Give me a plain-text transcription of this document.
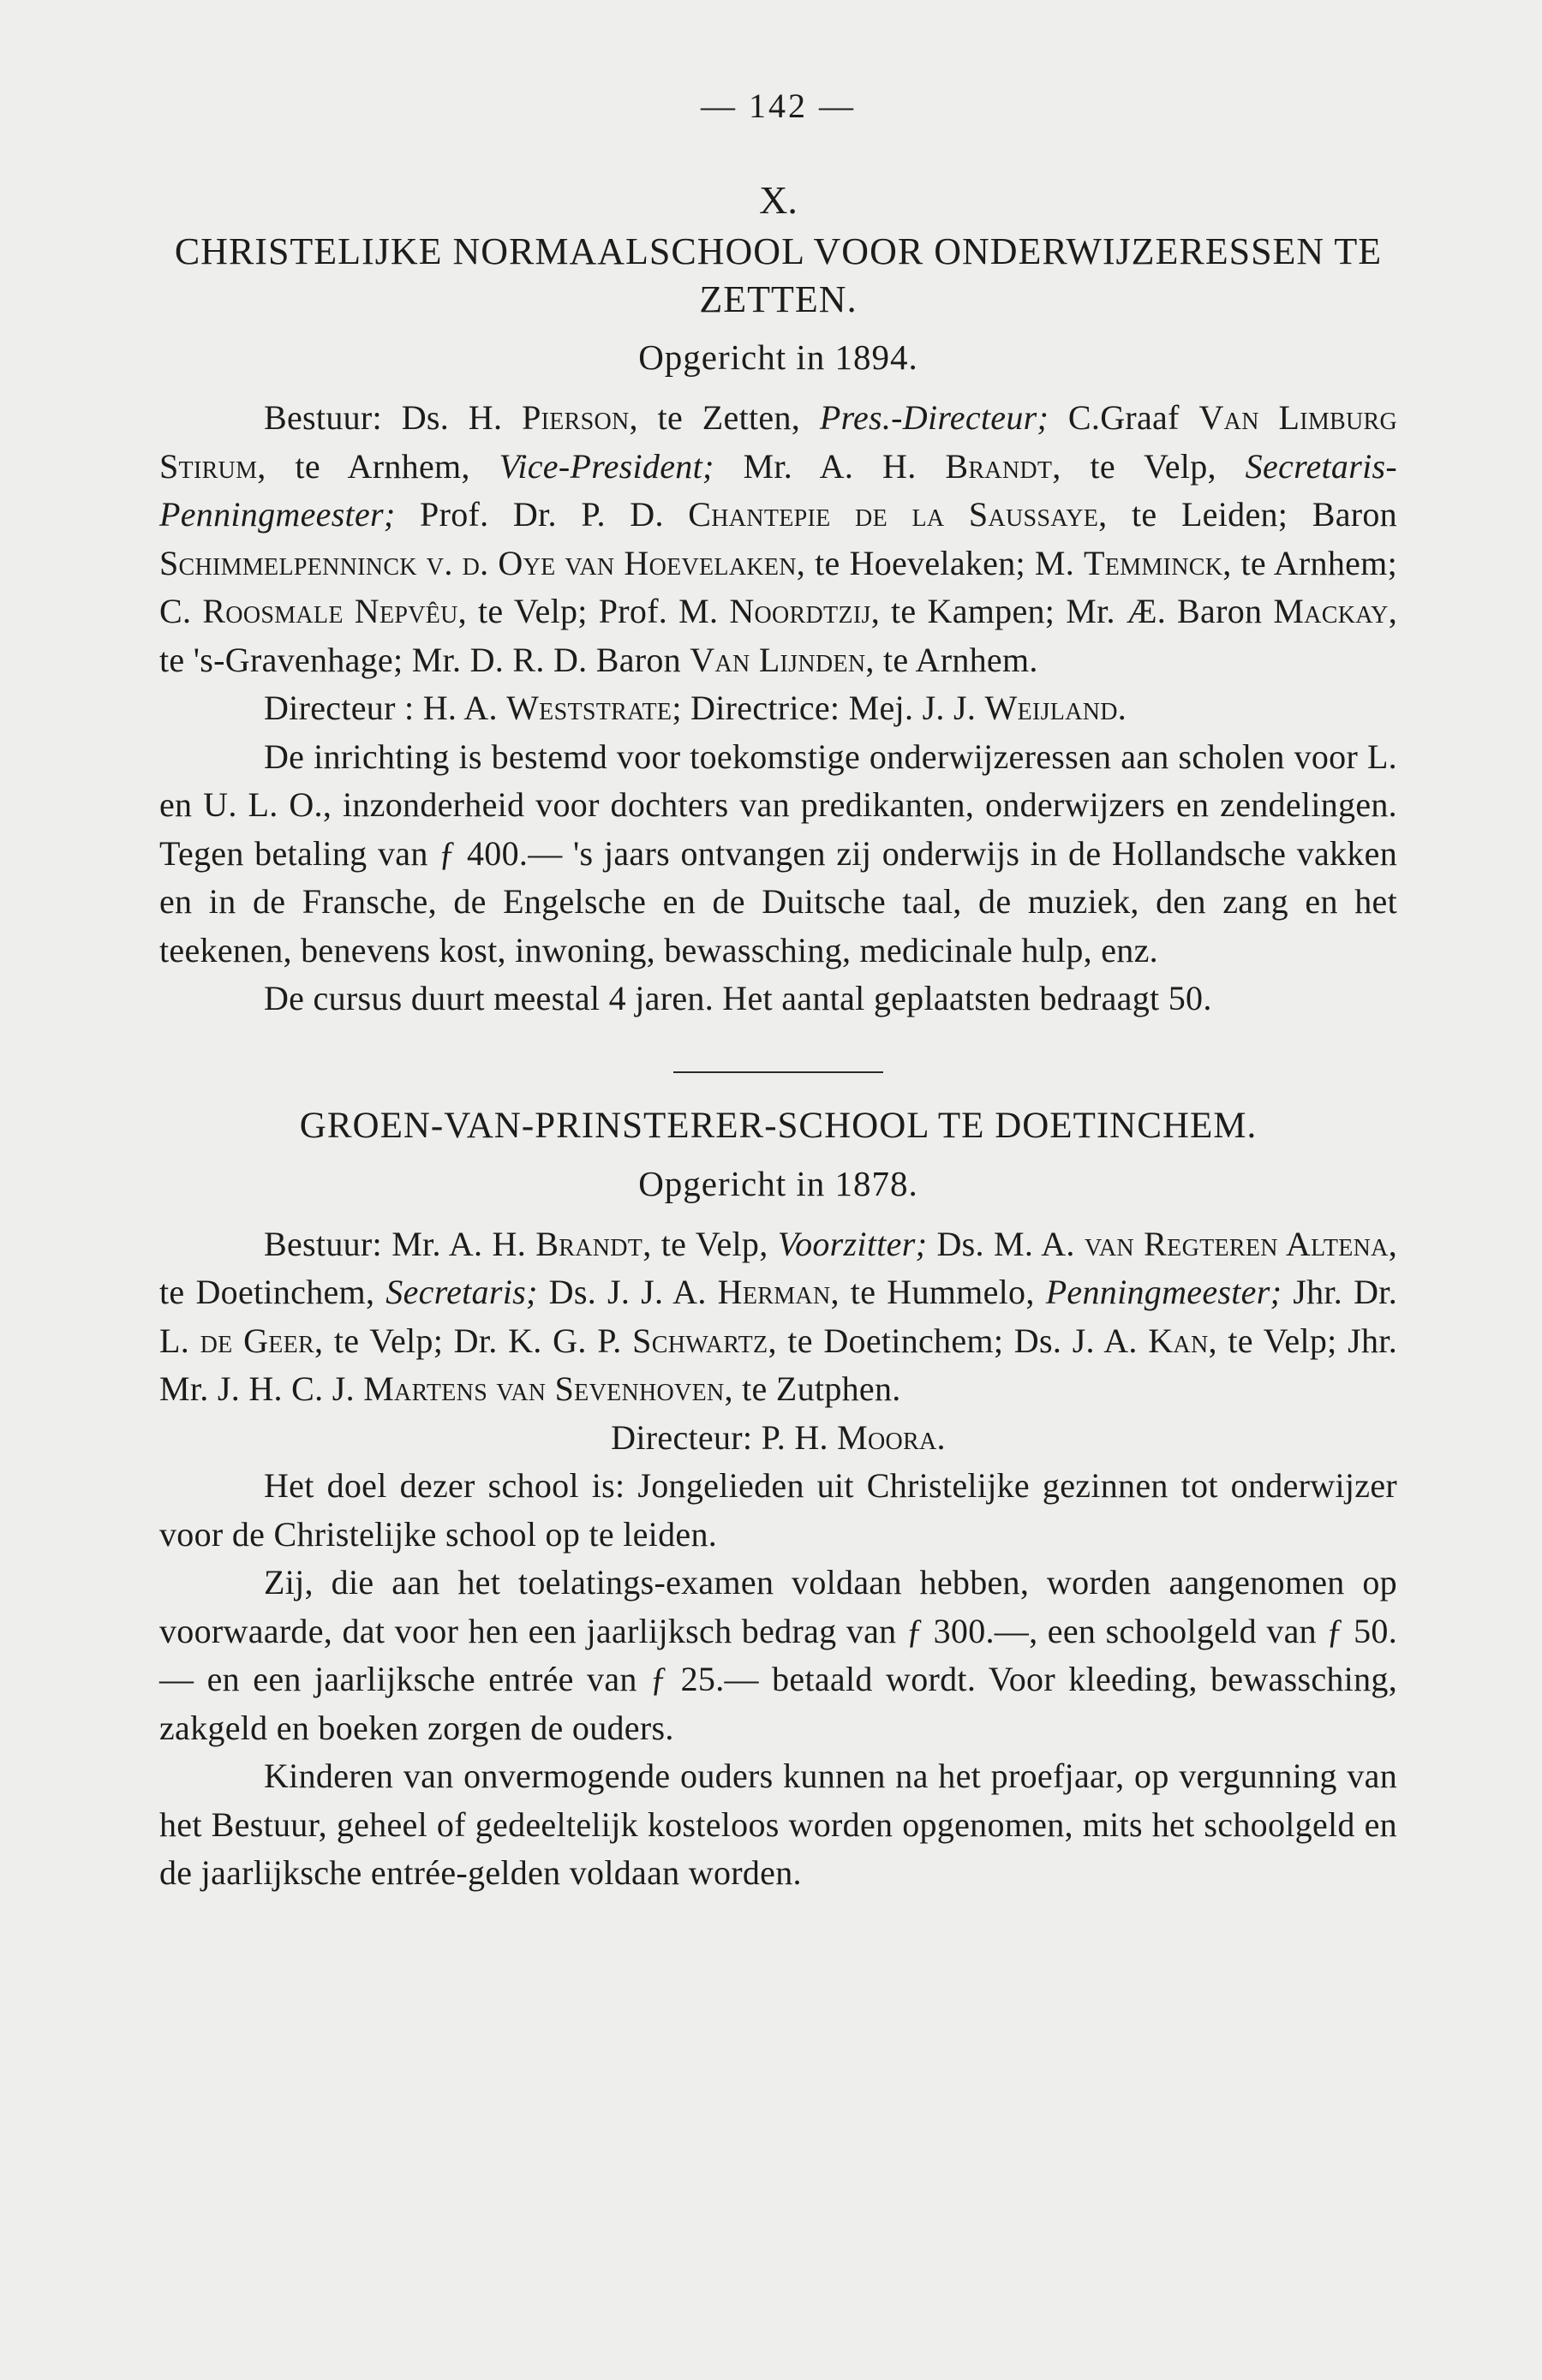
— 142 —
X.
CHRISTELIJKE NORMAALSCHOOL VOOR ONDERWIJZERESSEN TE ZETTEN.
Opgericht in 1894.

Bestuur: Ds. H. Pierson, te Zetten, Pres.-Directeur; C.Graaf Van Limburg Stirum, te Arnhem, Vice-President; Mr. A. H. Brandt, te Velp, Secretaris-Penningmeester; Prof. Dr. P. D. Chantepie de la Saussaye, te Leiden; Baron Schimmelpenninck v. d. Oye van Hoevelaken, te Hoevelaken; M. Temminck, te Arnhem; C. Roosmale Nepvêu, te Velp; Prof. M. Noordtzij, te Kampen; Mr. Æ. Baron Mackay, te 's-Gravenhage; Mr. D. R. D. Baron Van Lijnden, te Arnhem.

Directeur : H. A. Weststrate; Directrice: Mej. J. J. Weijland.

De inrichting is bestemd voor toekomstige onderwijzeressen aan scholen voor L. en U. L. O., inzonderheid voor dochters van predikanten, onderwijzers en zendelingen. Tegen betaling van ƒ 400.— 's jaars ontvangen zij onderwijs in de Hollandsche vakken en in de Fransche, de Engelsche en de Duitsche taal, de muziek, den zang en het teekenen, benevens kost, inwoning, bewassching, medicinale hulp, enz.

De cursus duurt meestal 4 jaren. Het aantal geplaatsten bedraagt 50.

GROEN-VAN-PRINSTERER-SCHOOL TE DOETINCHEM.
Opgericht in 1878.

Bestuur: Mr. A. H. Brandt, te Velp, Voorzitter; Ds. M. A. van Regteren Altena, te Doetinchem, Secretaris; Ds. J. J. A. Herman, te Hummelo, Penningmeester; Jhr. Dr. L. de Geer, te Velp; Dr. K. G. P. Schwartz, te Doetinchem; Ds. J. A. Kan, te Velp; Jhr. Mr. J. H. C. J. Martens van Sevenhoven, te Zutphen.

Directeur: P. H. Moora.

Het doel dezer school is: Jongelieden uit Christelijke gezinnen tot onderwijzer voor de Christelijke school op te leiden.

Zij, die aan het toelatings-examen voldaan hebben, worden aangenomen op voorwaarde, dat voor hen een jaarlijksch bedrag van ƒ 300.—, een schoolgeld van ƒ 50.— en een jaarlijksche entrée van ƒ 25.— betaald wordt. Voor kleeding, bewassching, zakgeld en boeken zorgen de ouders.

Kinderen van onvermogende ouders kunnen na het proefjaar, op vergunning van het Bestuur, geheel of gedeeltelijk kosteloos worden opgenomen, mits het schoolgeld en de jaarlijksche entrée-gelden voldaan worden.
